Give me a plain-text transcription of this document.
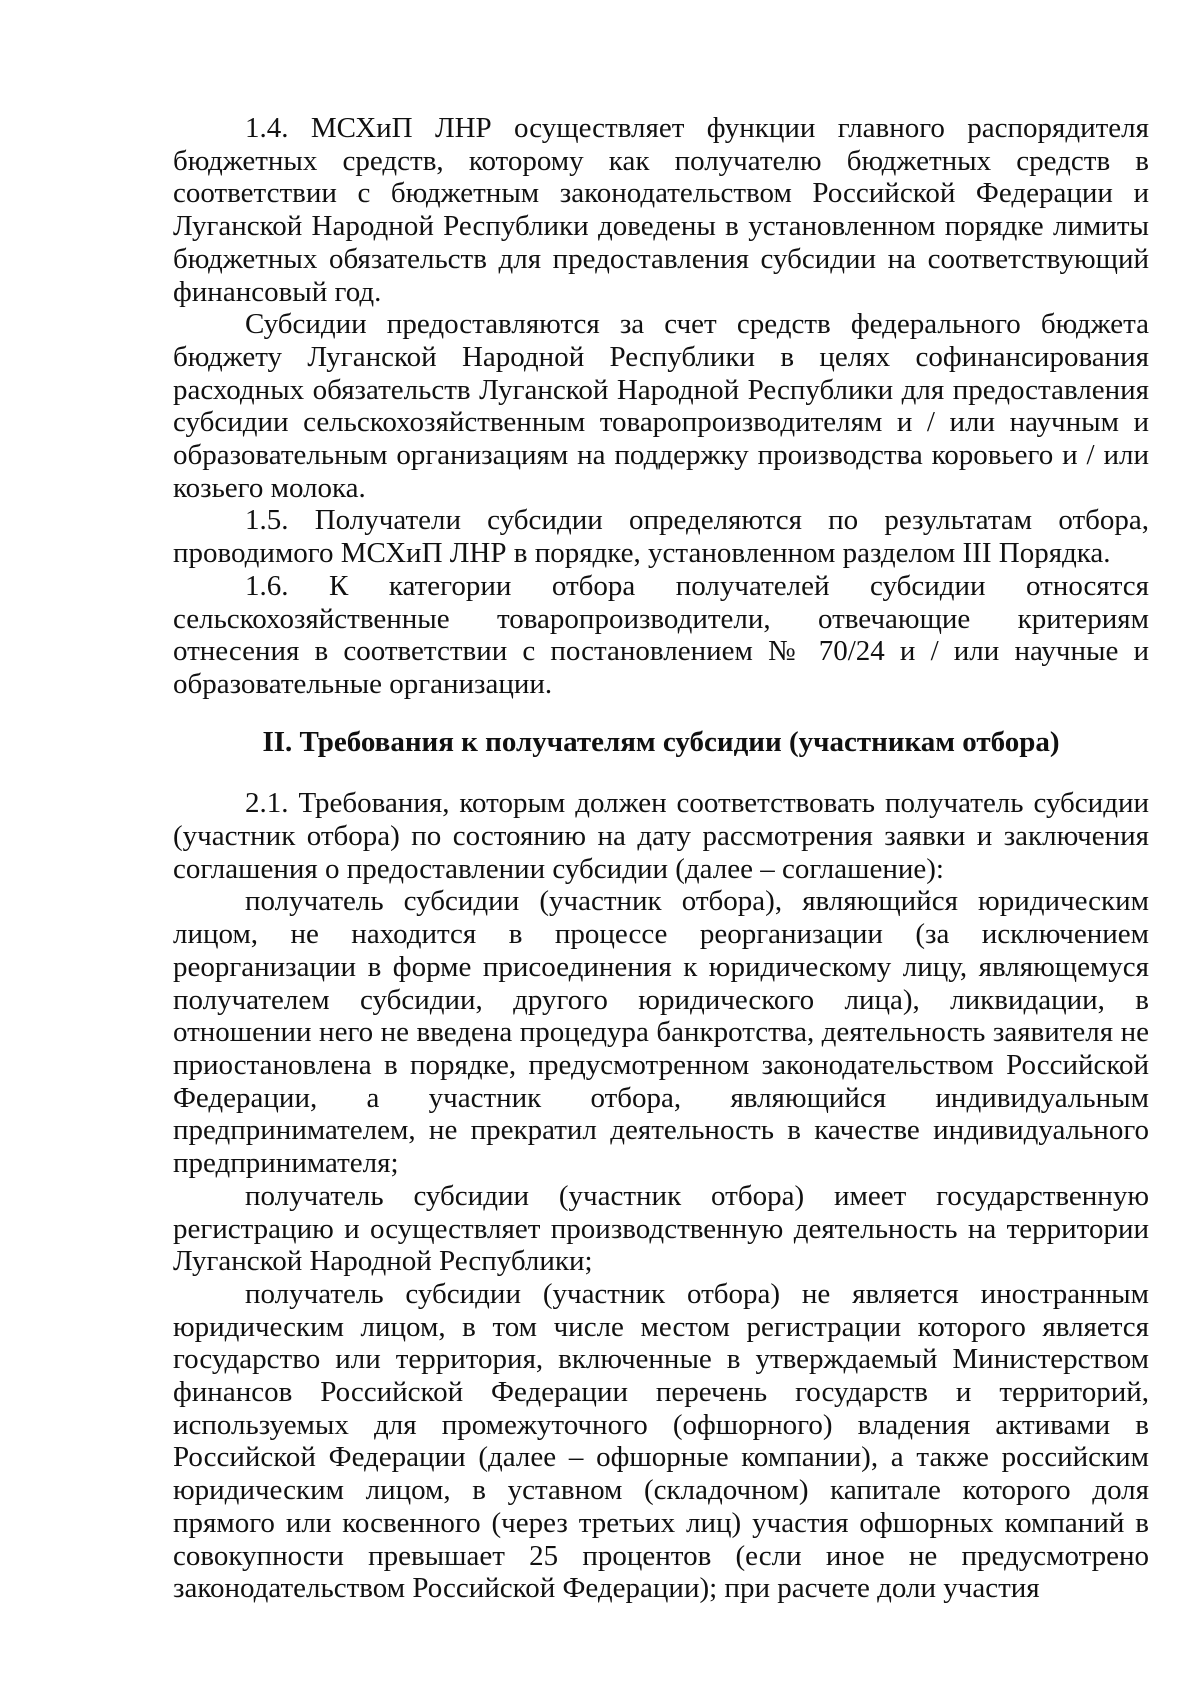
1.4. МСХиП ЛНР осуществляет функции главного распорядителя бюджетных средств, которому как получателю бюджетных средств в соответствии с бюджетным законодательством Российской Федерации и Луганской Народной Республики доведены в установленном порядке лимиты бюджетных обязательств для предоставления субсидии на соответствующий финансовый год.

Субсидии предоставляются за счет средств федерального бюджета бюджету Луганской Народной Республики в целях софинансирования расходных обязательств Луганской Народной Республики для предоставления субсидии сельскохозяйственным товаропроизводителям и / или научным и образовательным организациям на поддержку производства коровьего и / или козьего молока.

1.5. Получатели субсидии определяются по результатам отбора, проводимого МСХиП ЛНР в порядке, установленном разделом III Порядка.

1.6. К категории отбора получателей субсидии относятся сельскохозяйственные товаропроизводители, отвечающие критериям отнесения в соответствии с постановлением № 70/24 и / или научные и образовательные организации.

II. Требования к получателям субсидии (участникам отбора)

2.1. Требования, которым должен соответствовать получатель субсидии (участник отбора) по состоянию на дату рассмотрения заявки и заключения соглашения о предоставлении субсидии (далее – соглашение):

получатель субсидии (участник отбора), являющийся юридическим лицом, не находится в процессе реорганизации (за исключением реорганизации в форме присоединения к юридическому лицу, являющемуся получателем субсидии, другого юридического лица), ликвидации, в отношении него не введена процедура банкротства, деятельность заявителя не приостановлена в порядке, предусмотренном законодательством Российской Федерации, а участник отбора, являющийся индивидуальным предпринимателем, не прекратил деятельность в качестве индивидуального предпринимателя;

получатель субсидии (участник отбора) имеет государственную регистрацию и осуществляет производственную деятельность на территории Луганской Народной Республики;

получатель субсидии (участник отбора) не является иностранным юридическим лицом, в том числе местом регистрации которого является государство или территория, включенные в утверждаемый Министерством финансов Российской Федерации перечень государств и территорий, используемых для промежуточного (офшорного) владения активами в Российской Федерации (далее – офшорные компании), а также российским юридическим лицом, в уставном (складочном) капитале которого доля прямого или косвенного (через третьих лиц) участия офшорных компаний в совокупности превышает 25 процентов (если иное не предусмотрено законодательством Российской Федерации); при расчете доли участия
